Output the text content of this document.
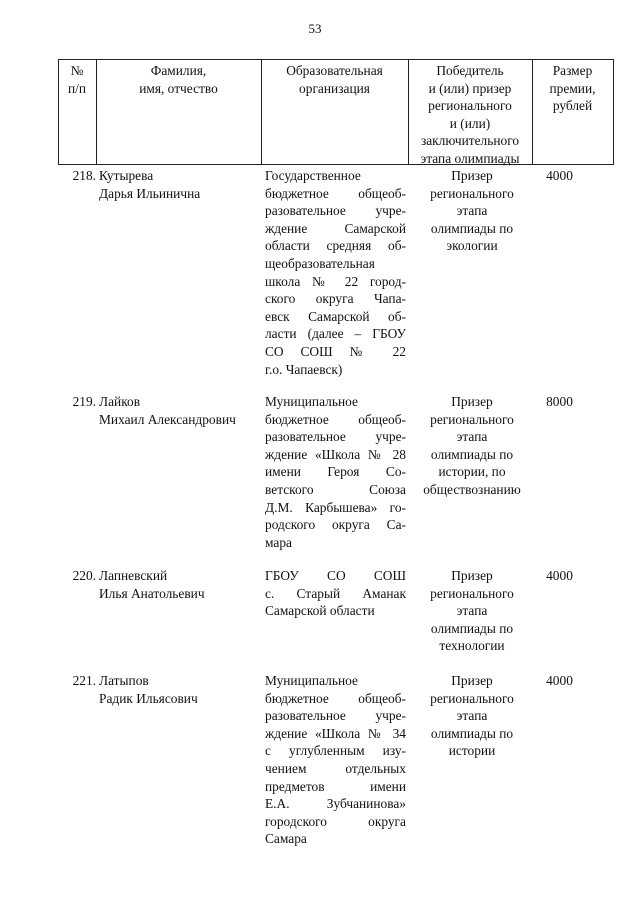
53
№
п/п
Фамилия,
имя, отчество
Образовательная
организация
Победитель
и (или) призер
регионального
и (или)
заключительного
этапа олимпиады
Размер
премии,
рублей
218. Кутырева
Дарья Ильинична
Государственное
бюджетное общеоб-
разовательное учре-
ждение Самарской
области средняя об-
щеобразовательная
школа № 22 город-
ского округа Чапа-
евск Самарской об-
ласти (далее – ГБОУ
СО СОШ № 22
г.о. Чапаевск)
Призер
регионального
этапа
олимпиады по
экологии
4000
219. Лайков
Михаил Александрович
Муниципальное
бюджетное общеоб-
разовательное учре-
ждение «Школа № 28
имени Героя Со-
ветского Союза
Д.М. Карбышева» го-
родского округа Са-
мара
Призер
регионального
этапа
олимпиады по
истории, по
обществознанию
8000
220. Лапневский
Илья Анатольевич
ГБОУ СО СОШ
с. Старый Аманак
Самарской области
Призер
регионального
этапа
олимпиады по
технологии
4000
221. Латыпов
Радик Ильясович
Муниципальное
бюджетное общеоб-
разовательное учре-
ждение «Школа № 34
с углубленным изу-
чением отдельных
предметов имени
Е.А. Зубчанинова»
городского округа
Самара
Призер
регионального
этапа
олимпиады по
истории
4000
